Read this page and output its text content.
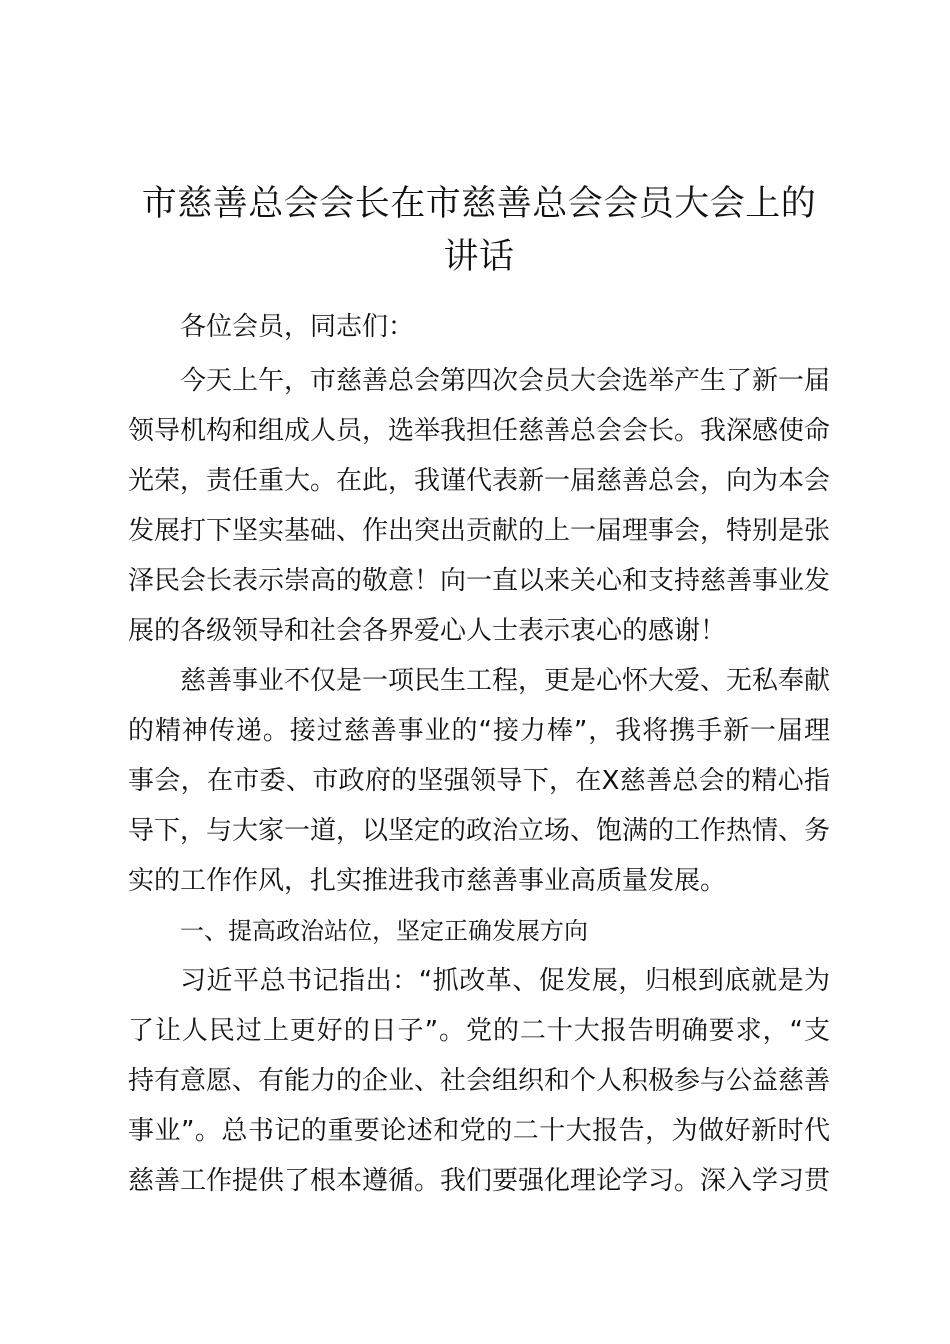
市慈善总会会长在市慈善总会会员大会上的讲话

各位会员，同志们：

今天上午，市慈善总会第四次会员大会选举产生了新一届领导机构和组成人员，选举我担任慈善总会会长。我深感使命光荣，责任重大。在此，我谨代表新一届慈善总会，向为本会发展打下坚实基础、作出突出贡献的上一届理事会，特别是张泽民会长表示崇高的敬意！向一直以来关心和支持慈善事业发展的各级领导和社会各界爱心人士表示衷心的感谢！

慈善事业不仅是一项民生工程，更是心怀大爱、无私奉献的精神传递。接过慈善事业的“接力棒”，我将携手新一届理事会，在市委、市政府的坚强领导下，在X慈善总会的精心指导下，与大家一道，以坚定的政治立场、饱满的工作热情、务实的工作作风，扎实推进我市慈善事业高质量发展。

一、提高政治站位，坚定正确发展方向

习近平总书记指出：“抓改革、促发展，归根到底就是为了让人民过上更好的日子”。党的二十大报告明确要求，“支持有意愿、有能力的企业、社会组织和个人积极参与公益慈善事业”。总书记的重要论述和党的二十大报告，为做好新时代慈善工作提供了根本遵循。我们要强化理论学习。深入学习贯
